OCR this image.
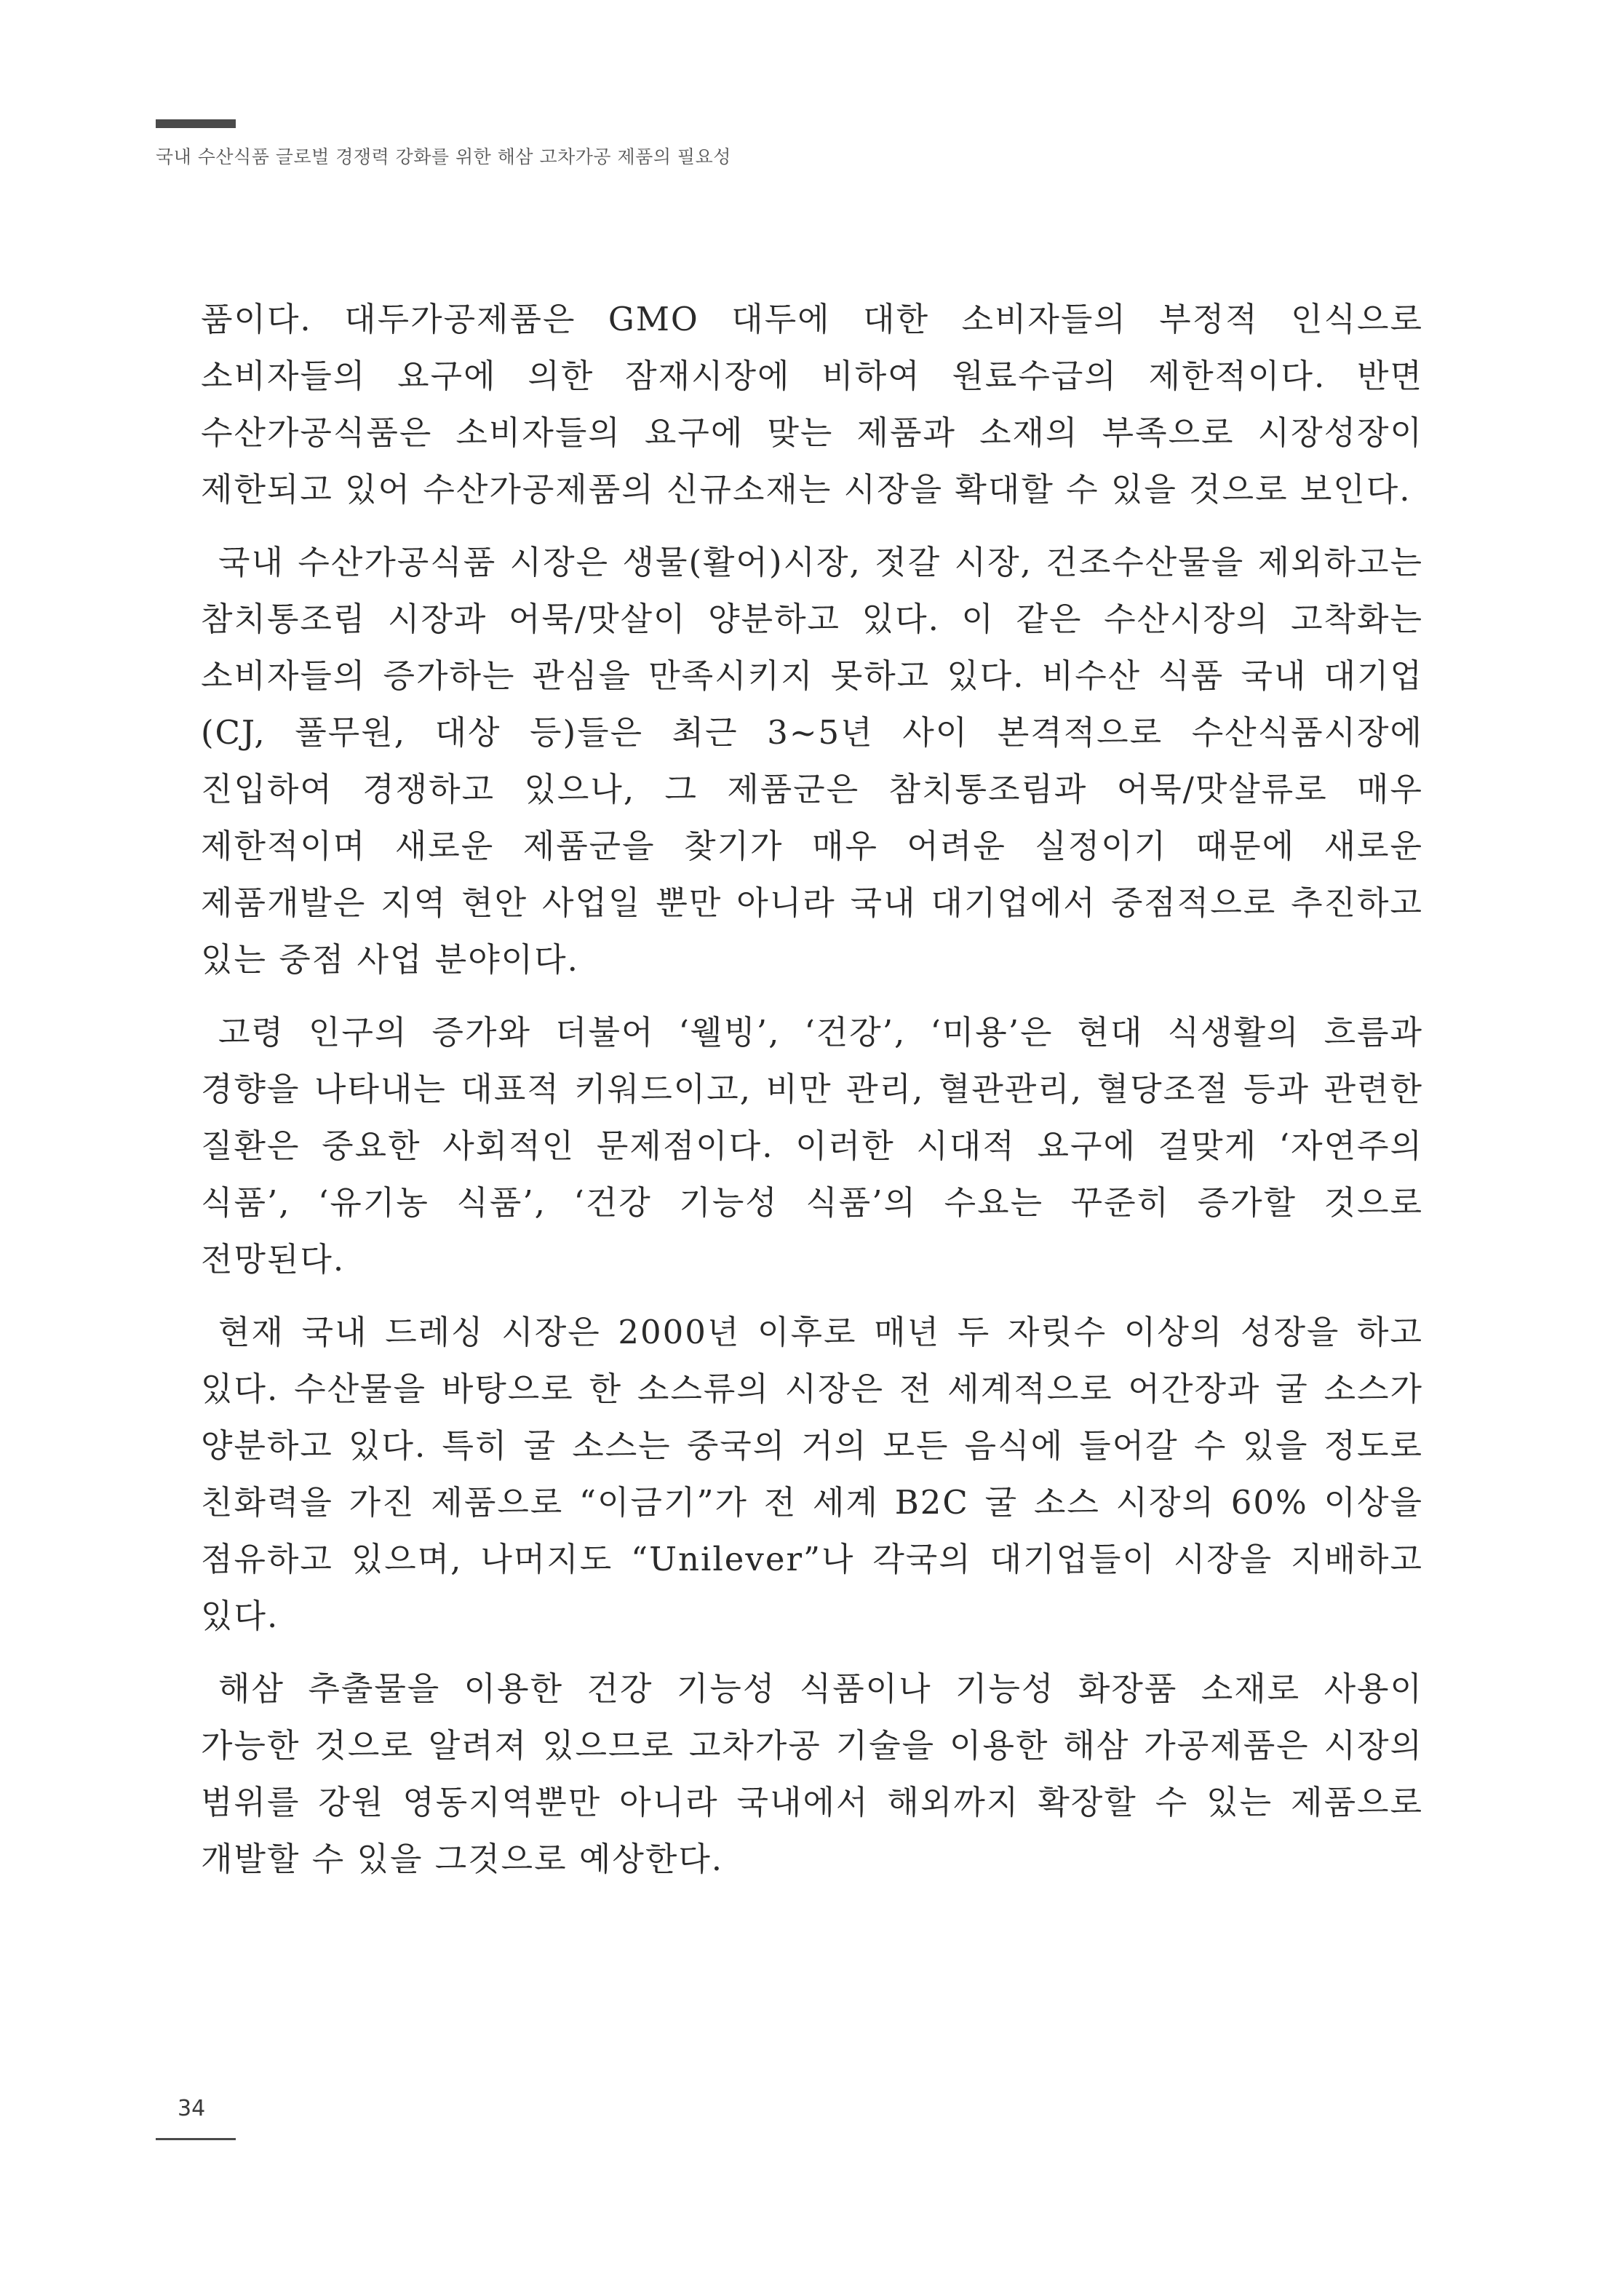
국내 수산식품 글로벌 경쟁력 강화를 위한 해삼 고차가공 제품의 필요성

품이다. 대두가공제품은 GMO 대두에 대한 소비자들의 부정적 인식으로 소비자들의 요구에 의한 잠재시장에 비하여 원료수급의 제한적이다. 반면 수산가공식품은 소비자들의 요구에 맞는 제품과 소재의 부족으로 시장성장이 제한되고 있어 수산가공제품의 신규소재는 시장을 확대할 수 있을 것으로 보인다.

국내 수산가공식품 시장은 생물(활어)시장, 젓갈 시장, 건조수산물을 제외하고는 참치통조림 시장과 어묵/맛살이 양분하고 있다. 이 같은 수산시장의 고착화는 소비자들의 증가하는 관심을 만족시키지 못하고 있다. 비수산 식품 국내 대기업(CJ, 풀무원, 대상 등)들은 최근 3~5년 사이 본격적으로 수산식품시장에 진입하여 경쟁하고 있으나, 그 제품군은 참치통조림과 어묵/맛살류로 매우 제한적이며 새로운 제품군을 찾기가 매우 어려운 실정이기 때문에 새로운 제품개발은 지역 현안 사업일 뿐만 아니라 국내 대기업에서 중점적으로 추진하고 있는 중점 사업 분야이다.

고령 인구의 증가와 더불어 ‘웰빙’, ‘건강’, ‘미용’은 현대 식생활의 흐름과 경향을 나타내는 대표적 키워드이고, 비만 관리, 혈관관리, 혈당조절 등과 관련한 질환은 중요한 사회적인 문제점이다. 이러한 시대적 요구에 걸맞게 ‘자연주의 식품’, ‘유기농 식품’, ‘건강 기능성 식품’의 수요는 꾸준히 증가할 것으로 전망된다.

현재 국내 드레싱 시장은 2000년 이후로 매년 두 자릿수 이상의 성장을 하고 있다. 수산물을 바탕으로 한 소스류의 시장은 전 세계적으로 어간장과 굴 소스가 양분하고 있다. 특히 굴 소스는 중국의 거의 모든 음식에 들어갈 수 있을 정도로 친화력을 가진 제품으로 “이금기”가 전 세계 B2C 굴 소스 시장의 60% 이상을 점유하고 있으며, 나머지도 “Unilever”나 각국의 대기업들이 시장을 지배하고 있다.

해삼 추출물을 이용한 건강 기능성 식품이나 기능성 화장품 소재로 사용이 가능한 것으로 알려져 있으므로 고차가공 기술을 이용한 해삼 가공제품은 시장의 범위를 강원 영동지역뿐만 아니라 국내에서 해외까지 확장할 수 있는 제품으로 개발할 수 있을 그것으로 예상한다.

34
